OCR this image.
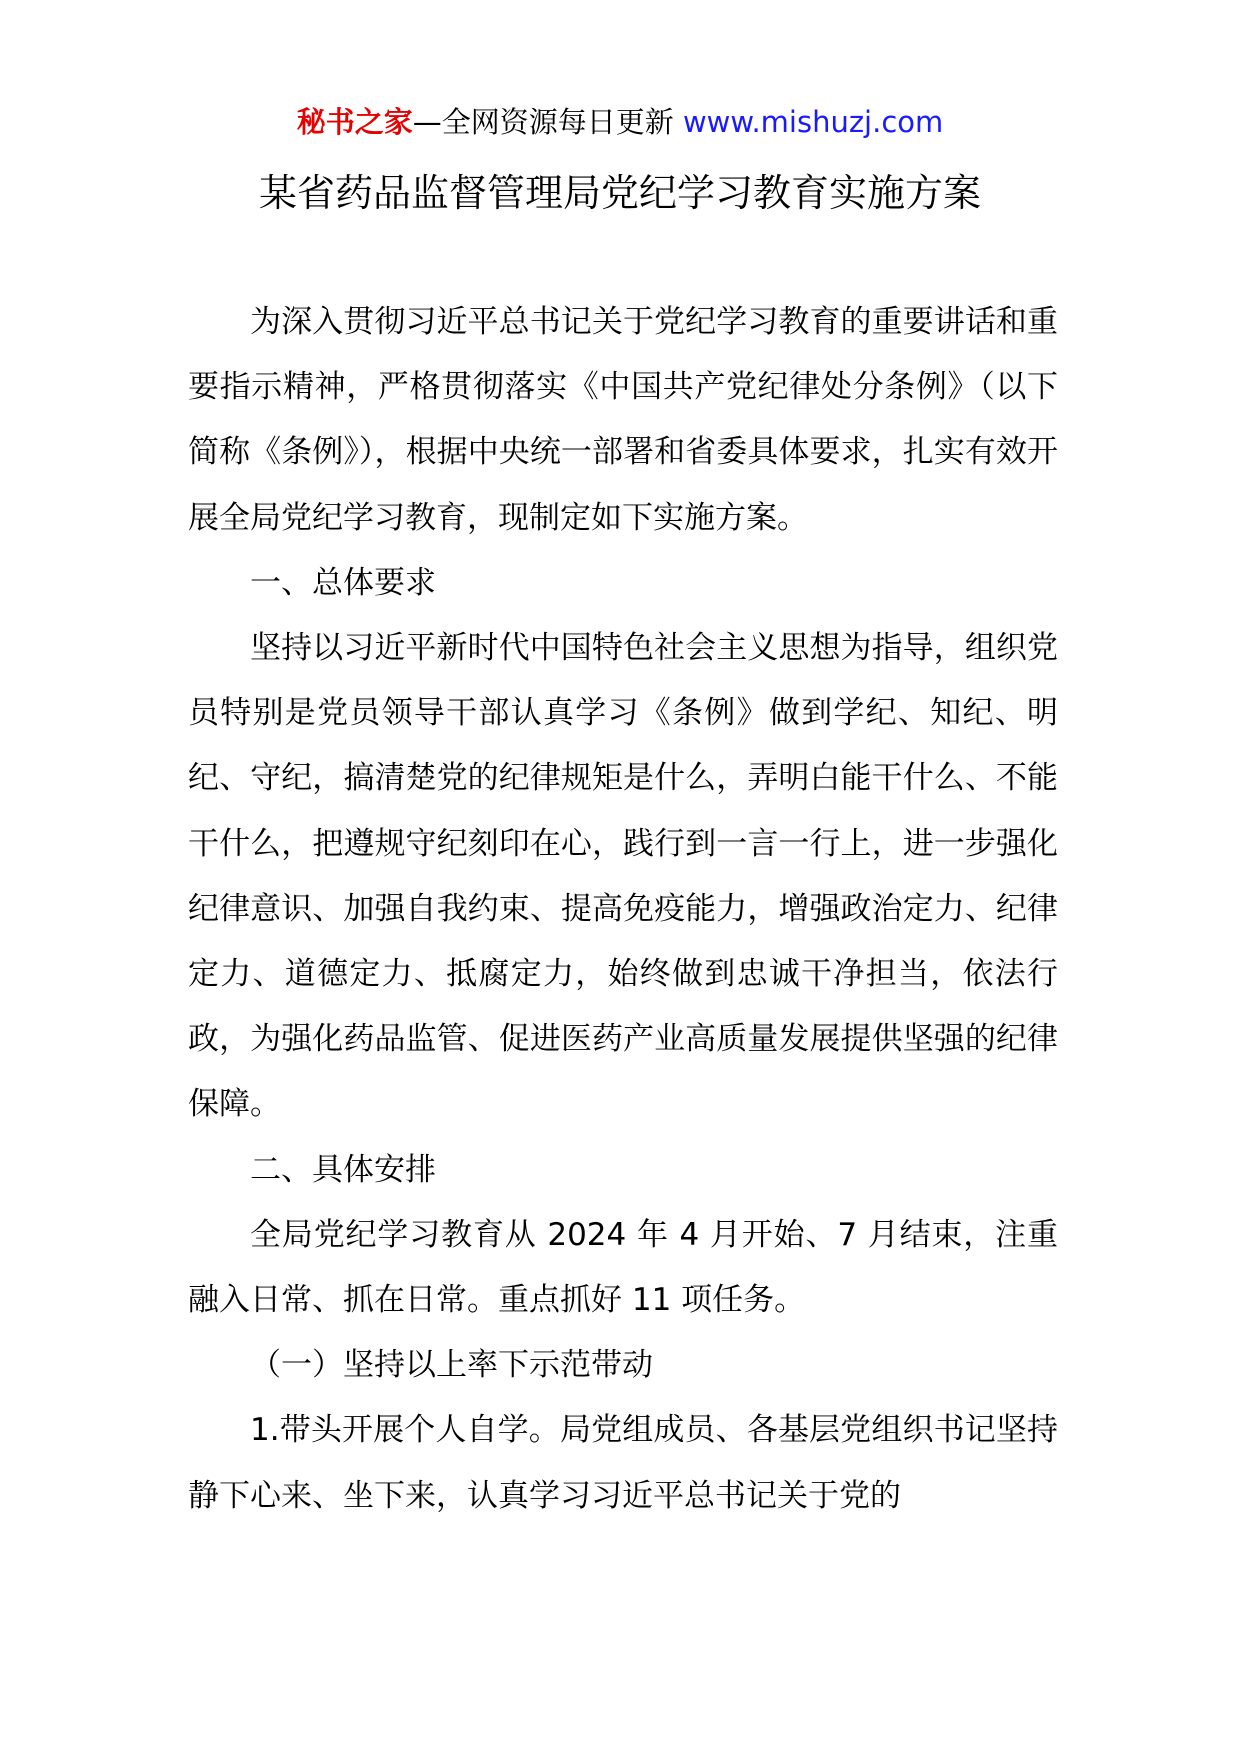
秘书之家—全网资源每日更新 www.mishuzj.com
某省药品监督管理局党纪学习教育实施方案

为深入贯彻习近平总书记关于党纪学习教育的重要讲话和重要指示精神，严格贯彻落实《中国共产党纪律处分条例》（以下简称《条例》），根据中央统一部署和省委具体要求，扎实有效开展全局党纪学习教育，现制定如下实施方案。

一、总体要求

坚持以习近平新时代中国特色社会主义思想为指导，组织党员特别是党员领导干部认真学习《条例》做到学纪、知纪、明纪、守纪，搞清楚党的纪律规矩是什么，弄明白能干什么、不能干什么，把遵规守纪刻印在心，践行到一言一行上，进一步强化纪律意识、加强自我约束、提高免疫能力，增强政治定力、纪律定力、道德定力、抵腐定力，始终做到忠诚干净担当，依法行政，为强化药品监管、促进医药产业高质量发展提供坚强的纪律保障。

二、具体安排

全局党纪学习教育从 2024 年 4 月开始、7 月结束，注重融入日常、抓在日常。重点抓好 11 项任务。

（一）坚持以上率下示范带动

1.带头开展个人自学。局党组成员、各基层党组织书记坚持静下心来、坐下来，认真学习习近平总书记关于党的
